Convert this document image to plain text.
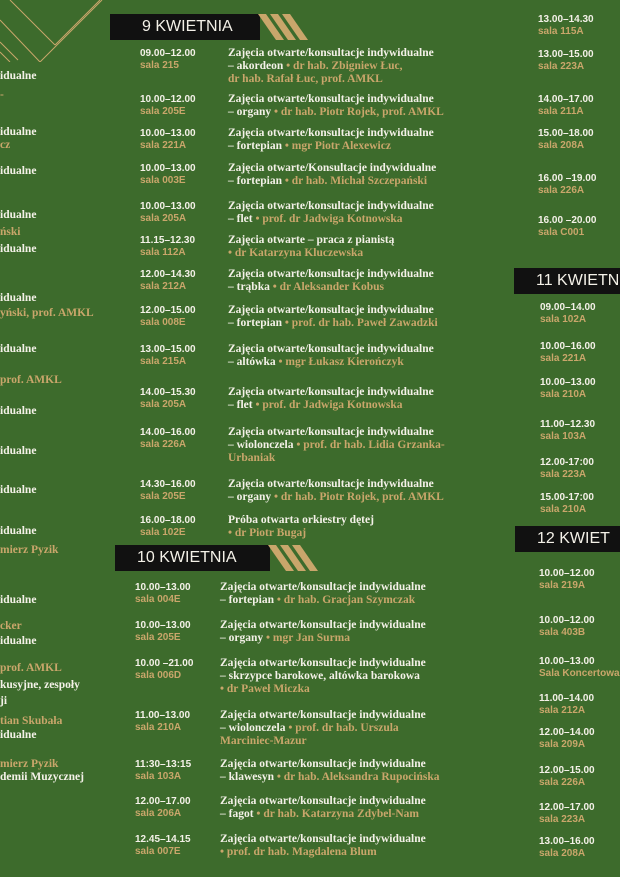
idualne
-
idualne
cz
idualne
idualne
ński
idualne
idualne
yński, prof. AMKL
idualne
prof. AMKL
idualne
idualne
idualne
idualne
mierz Pyzik
idualne
cker
idualne
prof. AMKL
kusyjne, zespoły
ji
tian Skubała
idualne
mierz Pyzik
demii Muzycznej
9 KWIETNIA
10 KWIETNIA
11 KWIETN
12 KWIET
09.00–12.00
sala 215
Zajęcia otwarte/konsultacje indywidualne
– akordeon • dr hab. Zbigniew Łuc,
dr hab. Rafał Łuc, prof. AMKL
10.00–12.00
sala 205E
Zajęcia otwarte/konsultacje indywidualne
– organy • dr hab. Piotr Rojek, prof. AMKL
10.00–13.00
sala 221A
Zajęcia otwarte/konsultacje indywidualne
– fortepian • mgr Piotr Alexewicz
10.00–13.00
sala 003E
Zajęcia otwarte/Konsultacje indywidualne
– fortepian • dr hab. Michał Szczepański
10.00–13.00
sala 205A
Zajęcia otwarte/konsultacje indywidualne
– flet • prof. dr Jadwiga Kotnowska
11.15–12.30
sala 112A
Zajęcia otwarte – praca z pianistą
• dr Katarzyna Kluczewska
12.00–14.30
sala 212A
Zajęcia otwarte/konsultacje indywidualne
– trąbka • dr Aleksander Kobus
12.00–15.00
sala 008E
Zajęcia otwarte/konsultacje indywidualne
– fortepian • prof. dr hab. Paweł Zawadzki
13.00–15.00
sala 215A
Zajęcia otwarte/konsultacje indywidualne
– altówka • mgr Łukasz Kierończyk
14.00–15.30
sala 205A
Zajęcia otwarte/konsultacje indywidualne
– flet • prof. dr Jadwiga Kotnowska
14.00–16.00
sala 226A
Zajęcia otwarte/konsultacje indywidualne
– wiolonczela • prof. dr hab. Lidia Grzanka-
Urbaniak
14.30–16.00
sala 205E
Zajęcia otwarte/konsultacje indywidualne
– organy • dr hab. Piotr Rojek, prof. AMKL
16.00–18.00
sala 102E
Próba otwarta orkiestry dętej
• dr Piotr Bugaj
10.00–13.00
sala 004E
Zajęcia otwarte/konsultacje indywidualne
– fortepian • dr hab. Gracjan Szymczak
10.00–13.00
sala 205E
Zajęcia otwarte/konsultacje indywidualne
– organy • mgr Jan Surma
10.00 –21.00
sala 006D
Zajęcia otwarte/konsultacje indywidualne
– skrzypce barokowe, altówka barokowa
• dr Paweł Miczka
11.00–13.00
sala 210A
Zajęcia otwarte/konsultacje indywidualne
– wiolonczela • prof. dr hab. Urszula
Marciniec-Mazur
11:30–13:15
sala 103A
Zajęcia otwarte/konsultacje indywidualne
– klawesyn • dr hab. Aleksandra Rupocińska
12.00–17.00
sala 206A
Zajęcia otwarte/konsultacje indywidualne
– fagot • dr hab. Katarzyna Zdybel-Nam
12.45–14.15
sala 007E
Zajęcia otwarte/konsultacje indywidualne
• prof. dr hab. Magdalena Blum
13.00–14.30
sala 115A
13.00–15.00
sala 223A
14.00–17.00
sala 211A
15.00–18.00
sala 208A
16.00 –19.00
sala 226A
16.00 –20.00
sala C001
09.00–14.00
sala 102A
10.00–16.00
sala 221A
10.00–13.00
sala 210A
11.00–12.30
sala 103A
12.00-17:00
sala 223A
15.00-17:00
sala 210A
10.00–12.00
sala 219A
10.00–12.00
sala 403B
10.00–13.00
Sala Koncertowa
11.00–14.00
sala 212A
12.00–14.00
sala 209A
12.00–15.00
sala 226A
12.00–17.00
sala 223A
13.00–16.00
sala 208A
